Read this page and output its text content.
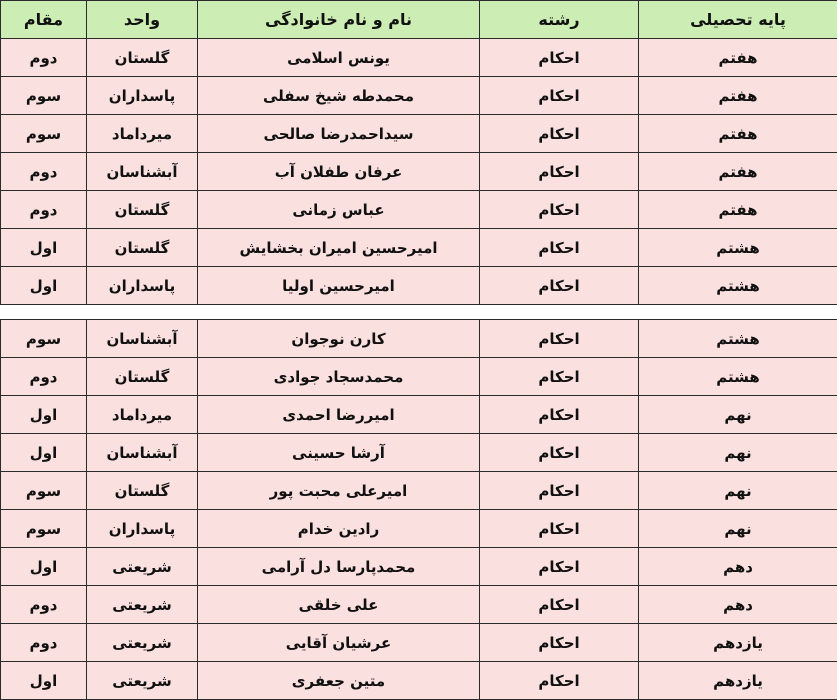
پایه تحصیلی	رشته	نام و نام خانوادگی	واحد	مقام
هفتم	احکام	یونس اسلامی	گلستان	دوم
هفتم	احکام	محمدطه شیخ سفلی	پاسداران	سوم
هفتم	احکام	سیداحمدرضا صالحی	میرداماد	سوم
هفتم	احکام	عرفان طفلان آب	آبشناسان	دوم
هفتم	احکام	عباس زمانی	گلستان	دوم
هشتم	احکام	امیرحسین امیران بخشایش	گلستان	اول
هشتم	احکام	امیرحسین اولیا	پاسداران	اول

هشتم	احکام	کارن نوجوان	آبشناسان	سوم
هشتم	احکام	محمدسجاد جوادی	گلستان	دوم
نهم	احکام	امیررضا احمدی	میرداماد	اول
نهم	احکام	آرشا حسینی	آبشناسان	اول
نهم	احکام	امیرعلی محبت پور	گلستان	سوم
نهم	احکام	رادین خدام	پاسداران	سوم
دهم	احکام	محمدپارسا دل آرامی	شریعتی	اول
دهم	احکام	علی خلقی	شریعتی	دوم
یازدهم	احکام	عرشیان آقایی	شریعتی	دوم
یازدهم	احکام	متین جعفری	شریعتی	اول
